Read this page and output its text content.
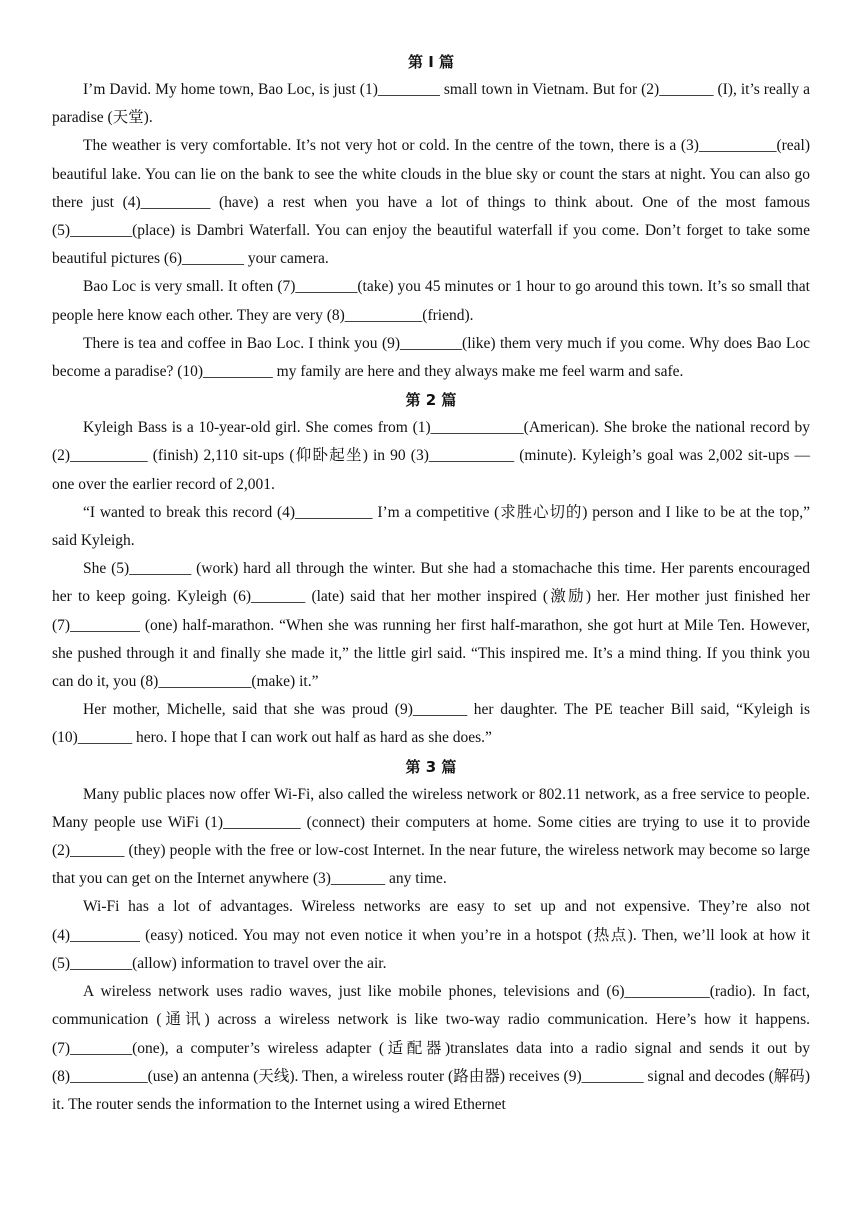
第 I 篇

I’m David. My home town, Bao Loc, is just (1)________ small town in Vietnam. But for (2)_______ (I), it’s really a paradise (天堂).

The weather is very comfortable. It’s not very hot or cold. In the centre of the town, there is a (3)__________(real) beautiful lake. You can lie on the bank to see the white clouds in the blue sky or count the stars at night. You can also go there just (4)_________ (have) a rest when you have a lot of things to think about. One of the most famous (5)________(place) is Dambri Waterfall. You can enjoy the beautiful waterfall if you come. Don’t forget to take some beautiful pictures (6)________ your camera.

Bao Loc is very small. It often (7)________(take) you 45 minutes or 1 hour to go around this town. It’s so small that people here know each other. They are very (8)__________(friend).

There is tea and coffee in Bao Loc. I think you (9)________(like) them very much if you come. Why does Bao Loc become a paradise? (10)_________ my family are here and they always make me feel warm and safe.

第 2 篇

Kyleigh Bass is a 10-year-old girl. She comes from (1)____________(American). She broke the national record by (2)__________ (finish) 2,110 sit-ups (仰卧起坐) in 90 (3)___________ (minute). Kyleigh’s goal was 2,002 sit-ups — one over the earlier record of 2,001.

“I wanted to break this record (4)__________ I’m a competitive (求胜心切的) person and I like to be at the top,” said Kyleigh.

She (5)________ (work) hard all through the winter. But she had a stomachache this time. Her parents encouraged her to keep going. Kyleigh (6)_______ (late) said that her mother inspired (激励) her. Her mother just finished her (7)_________ (one) half-marathon. “When she was running her first half-marathon, she got hurt at Mile Ten. However, she pushed through it and finally she made it,” the little girl said. “This inspired me. It’s a mind thing. If you think you can do it, you (8)____________(make) it.”

Her mother, Michelle, said that she was proud (9)_______ her daughter. The PE teacher Bill said, “Kyleigh is (10)_______ hero. I hope that I can work out half as hard as she does.”

第 3 篇

Many public places now offer Wi-Fi, also called the wireless network or 802.11 network, as a free service to people. Many people use WiFi (1)__________ (connect) their computers at home. Some cities are trying to use it to provide (2)_______ (they) people with the free or low-cost Internet. In the near future, the wireless network may become so large that you can get on the Internet anywhere (3)_______ any time.

Wi-Fi has a lot of advantages. Wireless networks are easy to set up and not expensive. They’re also not (4)_________ (easy) noticed. You may not even notice it when you’re in a hotspot (热点). Then, we’ll look at how it (5)________(allow) information to travel over the air.

A wireless network uses radio waves, just like mobile phones, televisions and (6)___________(radio). In fact, communication (通讯) across a wireless network is like two-way radio communication. Here’s how it happens. (7)________(one), a computer’s wireless adapter (适配器)translates data into a radio signal and sends it out by (8)__________(use) an antenna (天线). Then, a wireless router (路由器) receives (9)________ signal and decodes (解码) it. The router sends the information to the Internet using a wired Ethernet
